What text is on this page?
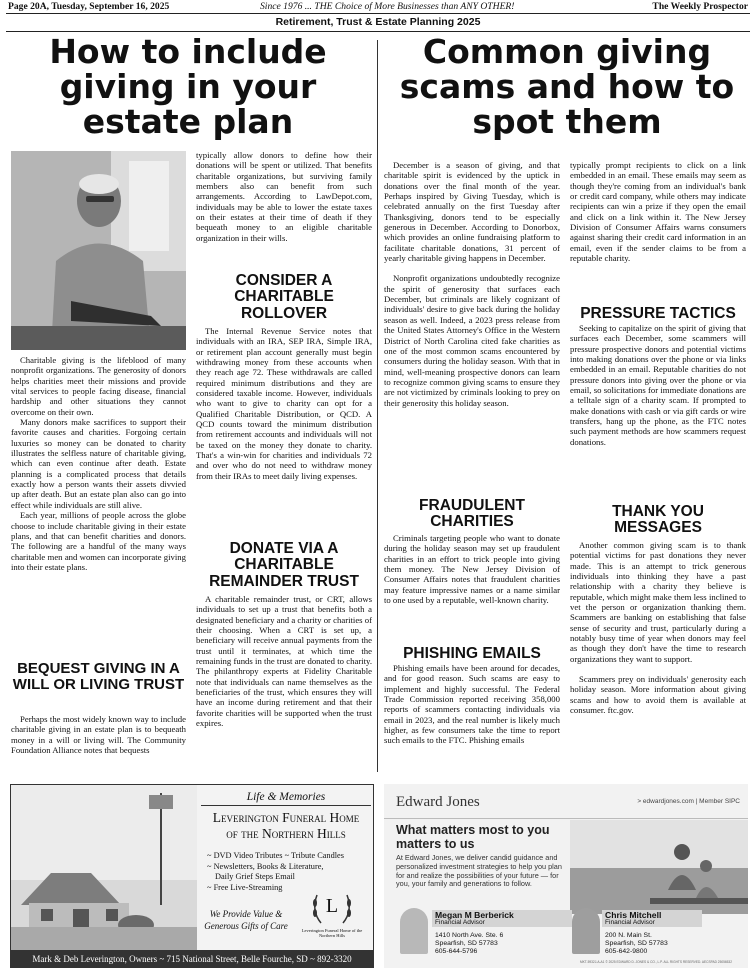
Page 20A, Tuesday, September 16, 2025	Since 1976 ... THE Choice of More Businesses than ANY OTHER!	The Weekly Prospector
Retirement, Trust & Estate Planning 2025
How to include
giving in your
estate plan
Common giving
scams and how to
spot them

Charitable giving is the lifeblood of many nonprofit organizations. The generosity of donors helps charities meet their missions and provide vital services to people facing disease, financial hardship and other situations they cannot overcome on their own.

Many donors make sacrifices to support their favorite causes and charities. Forgoing certain luxuries so money can be donated to charity illustrates the selfless nature of charitable giving, which can even continue after death. Estate planning is a complicated process that details exactly how a person wants their assets divvied up after death. But an estate plan also can go into effect while individuals are still alive.

Each year, millions of people across the globe choose to include charitable giving in their estate plans, and that can benefit charities and donors. The following are a handful of the many ways charitable men and women can incorporate giving into their estate plans.

BEQUEST GIVING IN A WILL OR LIVING TRUST

Perhaps the most widely known way to include charitable giving in an estate plan is to bequeath money in a will or living will. The Community Foundation Alliance notes that bequests

typically allow donors to define how their donations will be spent or utilized. That benefits charitable organizations, but surviving family members also can benefit from such arrangements. According to LawDepot.com, individuals may be able to lower the estate taxes on their estates at their time of death if they bequeath money to an eligible charitable organization in their wills.

CONSIDER A CHARITABLE ROLLOVER

The Internal Revenue Service notes that individuals with an IRA, SEP IRA, Simple IRA, or retirement plan account generally must begin withdrawing money from these accounts when they reach age 72. These withdrawals are called required minimum distributions and they are considered taxable income. However, individuals who want to give to charity can opt for a Qualified Charitable Distribution, or QCD. A QCD counts toward the minimum distribution from retirement accounts and individuals will not be taxed on the money they donate to charity. That's a win-win for charities and individuals 72 and over who do not need to withdraw money from their IRAs to meet daily living expenses.

DONATE VIA A CHARITABLE REMAINDER TRUST

A charitable remainder trust, or CRT, allows individuals to set up a trust that benefits both a designated beneficiary and a charity or charities of their choosing. When a CRT is set up, a beneficiary will receive annual payments from the trust until it terminates, at which time the remaining funds in the trust are donated to charity. The philanthropy experts at Fidelity Charitable note that individuals can name themselves as the beneficiaries of the trust, which ensures they will have an income during retirement and that their favorite charities will be supported when the trust expires.

December is a season of giving, and that charitable spirit is evidenced by the uptick in donations over the final month of the year. Perhaps inspired by Giving Tuesday, which is celebrated annually on the first Tuesday after Thanksgiving, donors tend to be especially generous in December. According to Donorbox, which provides an online fundraising platform to facilitate charitable donations, 31 percent of yearly charitable giving happens in December.

Nonprofit organizations undoubtedly recognize the spirit of generosity that surfaces each December, but criminals are likely cognizant of individuals' desire to give back during the holiday season as well. Indeed, a 2023 press release from the United States Attorney's Office in the Western District of North Carolina cited fake charities as one of the most common scams encountered by consumers during the holiday season. With that in mind, well-meaning prospective donors can learn to recognize common giving scams to ensure they are not victimized by criminals looking to prey on their generosity this holiday season.

FRAUDULENT CHARITIES

Criminals targeting people who want to donate during the holiday season may set up fraudulent charities in an effort to trick people into giving them money. The New Jersey Division of Consumer Affairs notes that fraudulent charities may feature impressive names or a name similar to one used by a reputable, well-known charity.

PHISHING EMAILS

Phishing emails have been around for decades, and for good reason. Such scams are easy to implement and highly successful. The Federal Trade Commission reported receiving 358,000 reports of scammers contacting individuals via email in 2023, and the real number is likely much higher, as few consumers take the time to report such emails to the FTC. Phishing emails

typically prompt recipients to click on a link embedded in an email. These emails may seem as though they're coming from an individual's bank or credit card company, while others may indicate recipients can win a prize if they open the email and click on a link within it. The New Jersey Division of Consumer Affairs warns consumers against sharing their credit card information in an email, even if the sender claims to be from a reputable charity.

PRESSURE TACTICS

Seeking to capitalize on the spirit of giving that surfaces each December, some scammers will pressure prospective donors and potential victims into making donations over the phone or via links embedded in an email. Reputable charities do not pressure donors into giving over the phone or via email, so solicitations for immediate donations are a telltale sign of a charity scam. If prompted to make donations with cash or via gift cards or wire transfers, hang up the phone, as the FTC notes such payment methods are how scammers request donations.

THANK YOU MESSAGES

Another common giving scam is to thank potential victims for past donations they never made. This is an attempt to trick generous individuals into thinking they have a past relationship with a charity they believe is reputable, which might make them less inclined to vet the person or organization thanking them. Scammers are banking on establishing that false sense of security and trust, particularly during a notably busy time of year when donors may feel as though they don't have the time to research organizations they want to support.

Scammers prey on individuals' generosity each holiday season. More information about giving scams and how to avoid them is available at consumer. ftc.gov.

Life & Memories
Leverington Funeral Home
of the Northern Hills
~ DVD Video Tributes ~ Tribute Candles
~ Newsletters, Books & Literature,
Daily Grief Steps Email
~ Free Live-Streaming
We Provide Value & Generous Gifts of Care
L
Leverington Funeral Home of the Northern Hills
Mark & Deb Leverington, Owners ~ 715 National Street, Belle Fourche, SD ~ 892-3320
Edward Jones	> edwardjones.com | Member SIPC
What matters most to you matters to us
At Edward Jones, we deliver candid guidance and personalized investment strategies to help you plan for and realize the possibilities of your future — for you, your family and generations to follow.
Megan M Berberick
Financial Advisor
1410 North Ave. Ste. 6
Spearfish, SD 57783
605-644-5796
Chris Mitchell
Financial Advisor
200 N. Main St.
Spearfish, SD 57783
605-642-9800
MKT-5932J-A-A1 © 2025 EDWARD D. JONES & CO., L.P. ALL RIGHTS RESERVED. AECSPAD 25056532
